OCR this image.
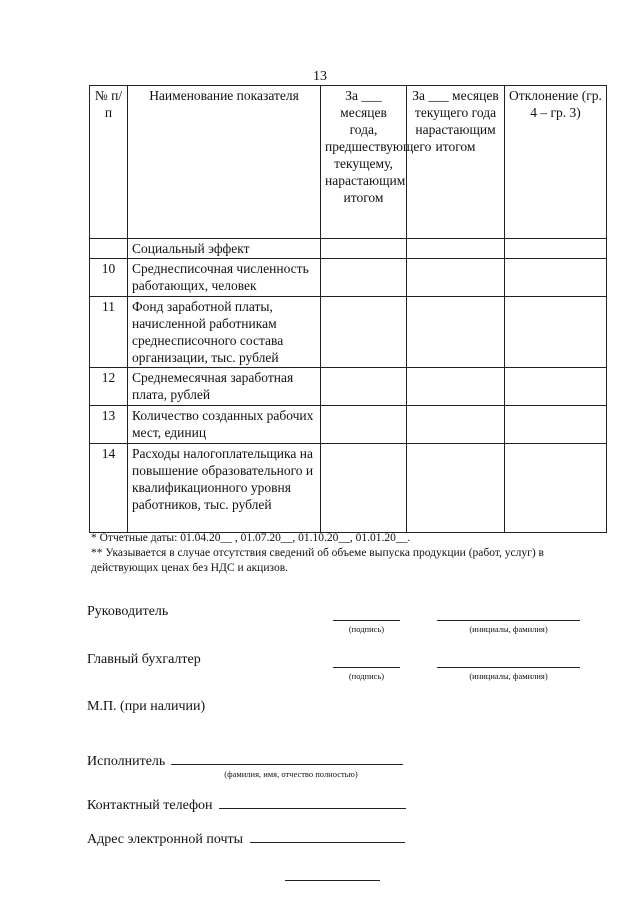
13
№ п/п	Наименование показателя	За ___ месяцев года, предшествующего текущему, нарастающим итогом	За ___ месяцев текущего года нарастающим итогом	Отклонение (гр. 4 – гр. 3)
	Социальный эффект			
10	Среднесписочная численность работающих, человек			
11	Фонд заработной платы, начисленной работникам среднесписочного состава организации, тыс. рублей			
12	Среднемесячная заработная плата, рублей			
13	Количество созданных рабочих мест, единиц			
14	Расходы налогоплательщика на повышение образовательного и квалификационного уровня работников, тыс. рублей			

* Отчетные даты: 01.04.20__ , 01.07.20__, 01.10.20__, 01.01.20__.

** Указывается в случае отсутствия сведений об объеме выпуска продукции (работ, услуг) в действующих ценах без НДС и акцизов.

Руководитель
(подпись)	(инициалы, фамилия)
Главный бухгалтер
(подпись)	(инициалы, фамилия)
М.П. (при наличии)
Исполнитель
(фамилия, имя, отчество полностью)
Контактный телефон
Адрес электронной почты
